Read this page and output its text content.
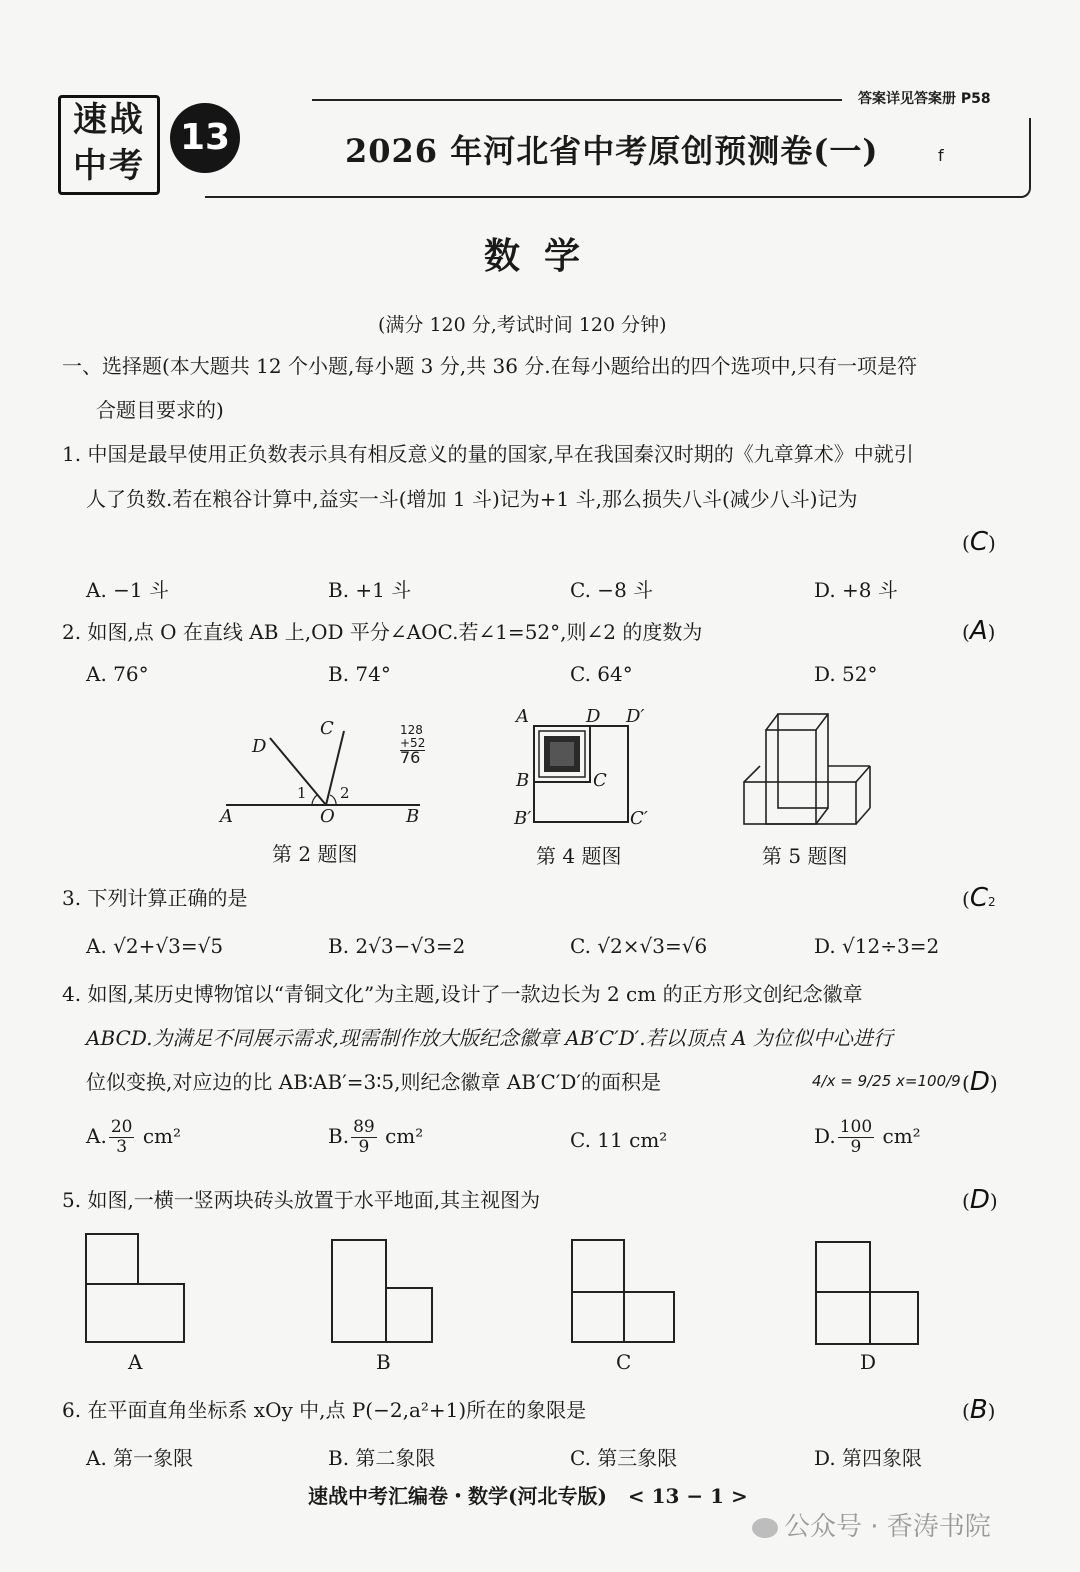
速战
中考
13
答案详见答案册 P58
2026 年河北省中考原创预测卷(一)	f
数学
(满分 120 分,考试时间 120 分钟)
一、选择题(本大题共 12 个小题,每小题 3 分,共 36 分.在每小题给出的四个选项中,只有一项是符
合题目要求的)
1. 中国是最早使用正负数表示具有相反意义的量的国家,早在我国秦汉时期的《九章算术》中就引
人了负数.若在粮谷计算中,益实一斗(增加 1 斗)记为+1 斗,那么损失八斗(减少八斗)记为
(C)
A. −1 斗	B. +1 斗	C. −8 斗	D. +8 斗
2. 如图,点 O 在直线 AB 上,OD 平分∠AOC.若∠1=52°,则∠2 的度数为	(A)
A. 76°	B. 74°	C. 64°	D. 52°
A	B
C
D
O
1 2
128
+52
76
第 2 题图
A	D D′
B	C
B′	C′
第 4 题图	第 5 题图
3. 下列计算正确的是	(C2
A. √2+√3=√5	B. 2√3−√3=2	C. √2×√3=√6	D. √12÷3=2
4. 如图,某历史博物馆以“青铜文化”为主题,设计了一款边长为 2 cm 的正方形文创纪念徽章
ABCD.为满足不同展示需求,现需制作放大版纪念徽章 AB′C′D′.若以顶点 A 为位似中心进行
位似变换,对应边的比 AB∶AB′=3∶5,则纪念徽章 AB′C′D′的面积是	4/x = 9/25 x=100/9 (D)
A. $\frac{20}{3} cm^2$	B. $\frac{89}{9} cm^2$	C. 11 cm²	D. $\frac{100}{9} cm^2$
5. 如图,一横一竖两块砖头放置于水平地面,其主视图为	(D)
A	B	C	D
6. 在平面直角坐标系 xOy 中,点 P(−2,a²+1)所在的象限是	(B)
A. 第一象限	B. 第二象限	C. 第三象限	D. 第四象限
速战中考汇编卷・数学(河北专版) < 13 − 1 >
公众号 · 香涛书院
